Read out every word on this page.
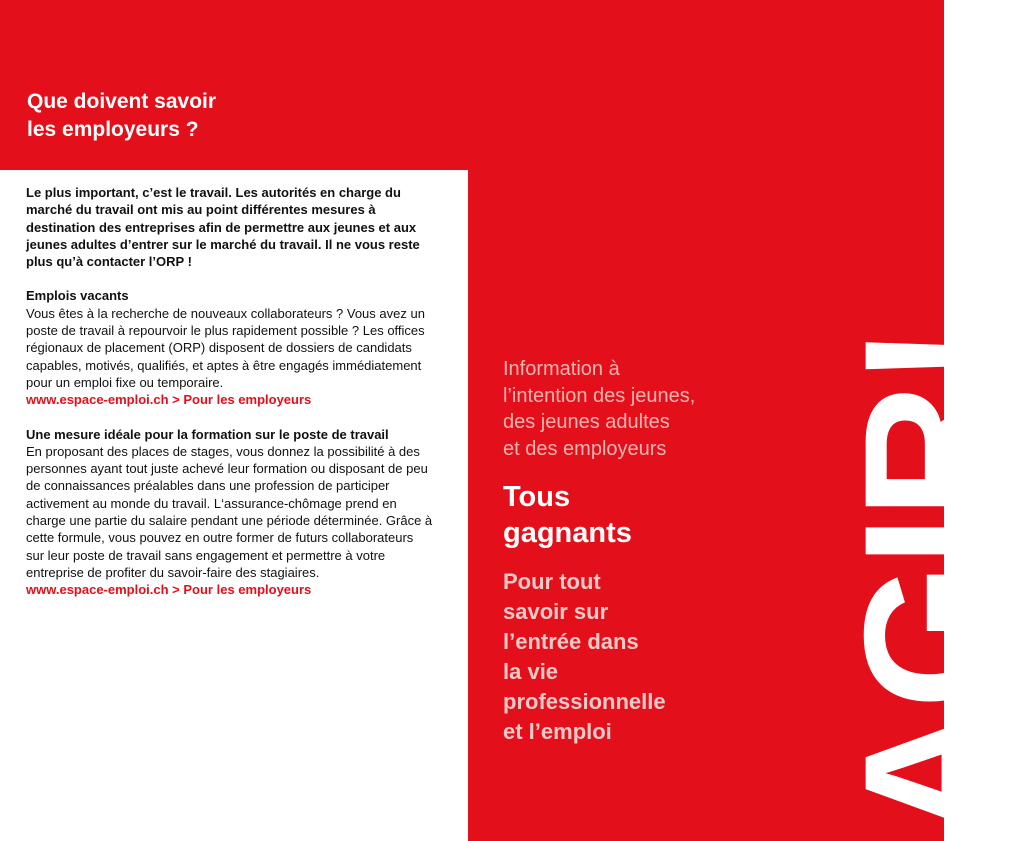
Que doivent savoir
les employeurs ?

Le plus important, c’est le travail. Les autorités en charge du marché du travail ont mis au point différentes mesures à destination des entreprises afin de permettre aux jeunes et aux jeunes adultes d’entrer sur le marché du travail. Il ne vous reste plus qu’à contacter l’ORP !

Emplois vacants

Vous êtes à la recherche de nouveaux collaborateurs ? Vous avez un poste de travail à repourvoir le plus rapidement possible ? Les offices régionaux de placement (ORP) disposent de dossiers de candidats capables, motivés, qualifiés, et aptes à être engagés immédiatement pour un emploi fixe ou temporaire.

www.espace-emploi.ch > Pour les employeurs

Une mesure idéale pour la formation sur le poste de travail

En proposant des places de stages, vous donnez la possibilité à des personnes ayant tout juste achevé leur formation ou disposant de peu de connaissances préalables dans une profession de participer activement au monde du travail. L‘assurance-chômage prend en charge une partie du salaire pendant une période déterminée. Grâce à cette formule, vous pouvez en outre former de futurs collaborateurs sur leur poste de travail sans engagement et permettre à votre entreprise de profiter du savoir-faire des stagiaires.

www.espace-emploi.ch > Pour les employeurs

Information à
l’intention des jeunes,
des jeunes adultes
et des employeurs

Tous
gagnants

Pour tout
savoir sur
l’entrée dans
la vie
professionnelle
et l’emploi AGIR!
